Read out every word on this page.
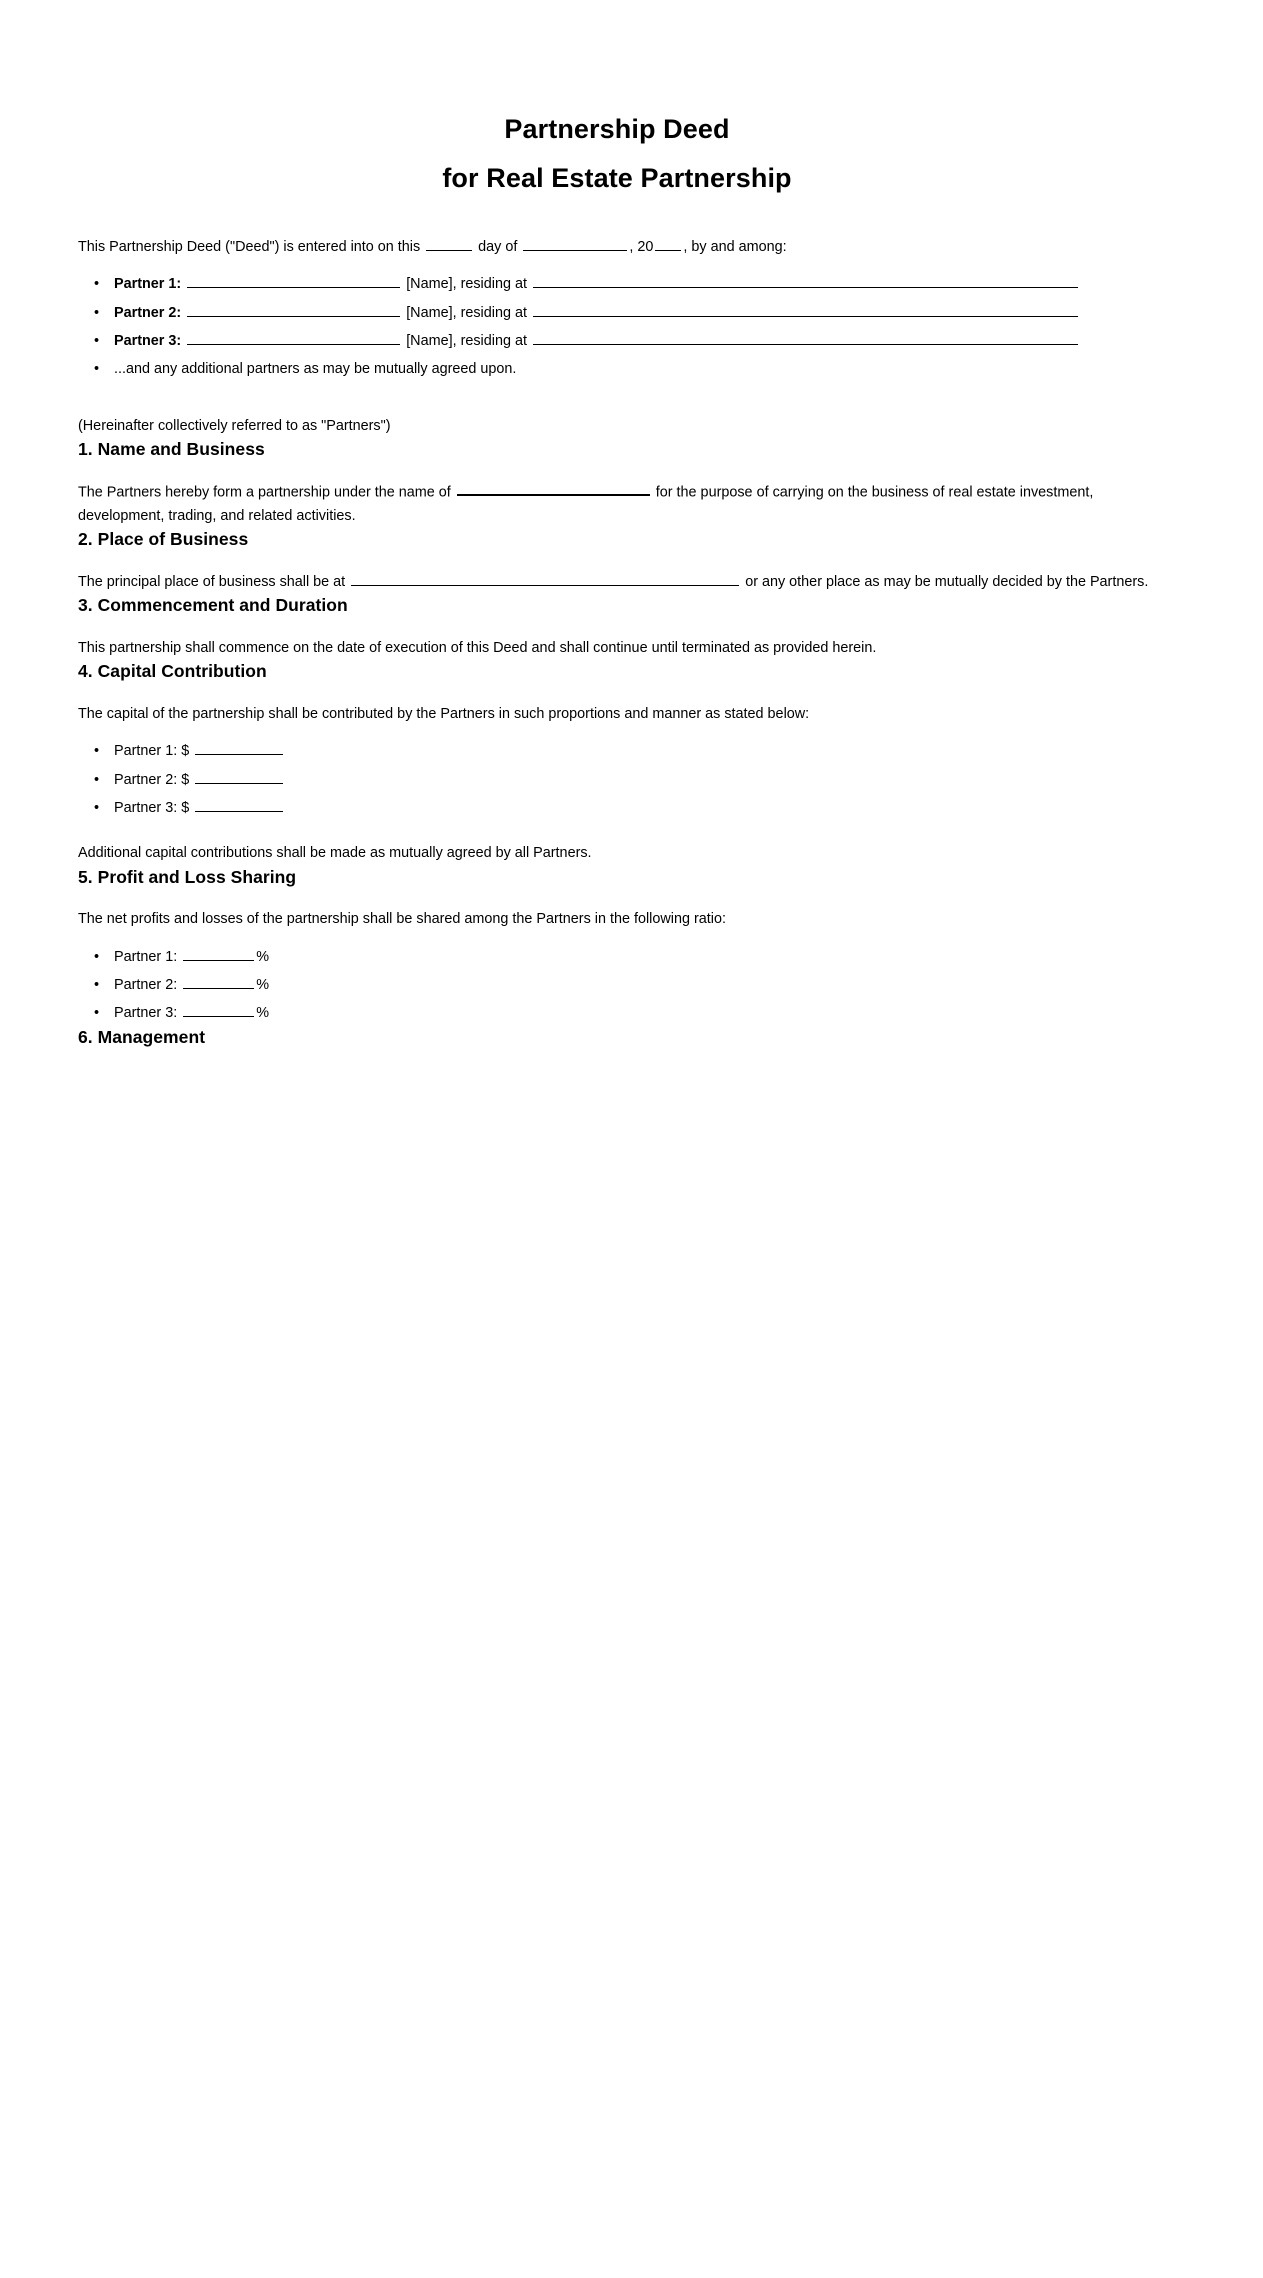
Partnership Deed
for Real Estate Partnership

This Partnership Deed ("Deed") is entered into on this	day of	, 20 , by and among:

• Partner 1:	[Name], residing at
• Partner 2:	[Name], residing at
• Partner 3:	[Name], residing at
• ...and any additional partners as may be mutually agreed upon.

(Hereinafter collectively referred to as "Partners")

1. Name and Business

The Partners hereby form a partnership under the name of	for the purpose of carrying on the business of real estate investment, development, trading, and related activities.

2. Place of Business

The principal place of business shall be at	or any other place as may be mutually decided by the Partners.

3. Commencement and Duration

This partnership shall commence on the date of execution of this Deed and shall continue until terminated as provided herein.

4. Capital Contribution

The capital of the partnership shall be contributed by the Partners in such proportions and manner as stated below:

• Partner 1: $
• Partner 2: $
• Partner 3: $

Additional capital contributions shall be made as mutually agreed by all Partners.

5. Profit and Loss Sharing

The net profits and losses of the partnership shall be shared among the Partners in the following ratio:

• Partner 1:	%
• Partner 2:	%
• Partner 3:	%
6. Management
